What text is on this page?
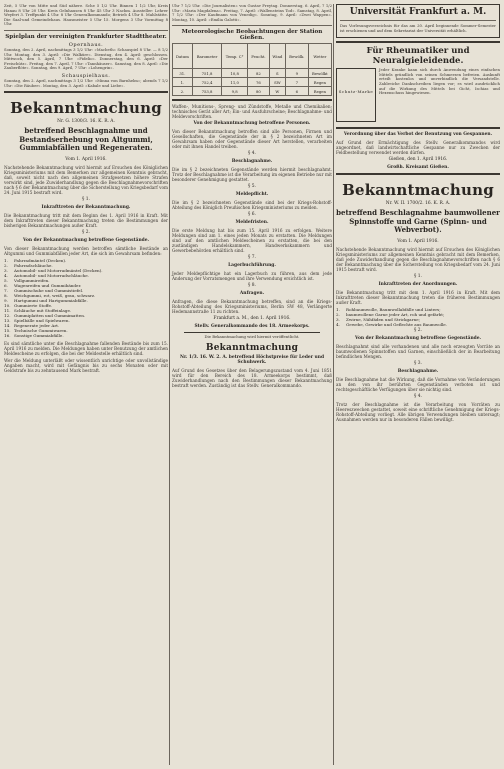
Zeit, 5 Uhr von Mitte und Süd nähere. Sche 5 1/2 Uhr. Binnen 1 1/2 Uhr, Kreis Hanau 8 Uhr 20 Uhr. Kreis Gelnhausen 8 Uhr 45 Uhr 3 Nachm. Aussteller: Lehrer Weyfert 3. Treffpunkt 4 Uhr. 8 Uhr Generalkommando; Betrieb 4 Uhr 8. Mahlstätte. Die Saal-und Gemeindehaus. Hausmeister 5 Uhr 15. Morgens 3 Uhr Vormittag 8 Uhr.

Spielplan der vereinigten Frankfurter Stadttheater.
Opernhaus.

Sonntag, den 2. April, nachmittags 3 1/2 Uhr: »Macbeth« Schauspiel 8 Uhr. — 8 1/2 Uhr. Montag, den 3. April: »Die Walküre«. Dienstag, den 4. April: geschlossen. Mittwoch, den 5. April, 7 Uhr: »Fidelio«. Donnerstag, den 6. April: »Der Freischütz«. Freitag, den 7. April, 7 Uhr: »Tannhäuser«. Samstag, den 8. April: »Die Zauberflöte«. Sonntag, den 9. April, 7 Uhr: »Lohengrin«.

Schauspielhaus.

Sonntag, den 2. April, nachmittags 3 1/2 Uhr: »Minna von Barnhelm«; abends 7 1/2 Uhr: »Die Räuber«. Montag, den 3. April: »Kabale und Liebe«.

Bekanntmachung
Nr. G. 1300/3. 16. K. R. A.
betreffend Beschlagnahme und Bestandserhebung von Altgummi, Gummiabfällen und Regeneraten.
Vom 1. April 1916.

Nachstehende Bekanntmachung wird hiermit auf Ersuchen des Königlichen Kriegsministeriums mit dem Bemerken zur allgemeinen Kenntnis gebracht, daß, soweit nicht nach den allgemeinen Strafgesetzen höhere Strafen verwirkt sind, jede Zuwiderhandlung gegen die Beschlagnahmevorschriften nach § 6 der Bekanntmachung über die Sicherstellung von Kriegsbedarf vom 24. Juni 1915 bestraft wird.

§ 1.
Inkrafttreten der Bekanntmachung.

Die Bekanntmachung tritt mit dem Beginn des 1. April 1916 in Kraft. Mit dem Inkrafttreten dieser Bekanntmachung treten die Bestimmungen der bisherigen Bekanntmachungen außer Kraft.

§ 2.
Von der Bekanntmachung betroffene Gegenstände.

Von dieser Bekanntmachung werden betroffen sämtliche Bestände an Altgummi und Gummiabfällen jeder Art, die sich im Gewahrsam befinden:

1.	Fahrradmäntel (Decken).
2.	Fahrradschläuche.
3.	Automobil- und Motorradmäntel (Decken).
4.	Automobil- und Motorradschläuche.
5.	Vollgummireifen.
6.	Wagenreifen und Gummibänder.
7.	Gummischuhe und Gummistiefel.
8.	Weichgummi, rot, weiß, grau, schwarz.
9.	Hartgummi und Hartgummiabfälle.
10. Gummierte Stoffe.
11. Schläuche mit Stoffeinlage.
12. Gummiplatten und Gummimatten.
13. Spielbälle und Spielwaren.
14. Regenerate jeder Art.
15. Technische Gummiwaren.
16. Sonstige Gummiabfälle.

Es sind sämtliche unter die Beschlagnahme fallenden Bestände bis zum 15. April 1916 zu melden. Die Meldungen haben unter Benutzung der amtlichen Meldescheine zu erfolgen, die bei der Meldestelle erhältlich sind.

Wer die Meldung unterläßt oder wissentlich unrichtige oder unvollständige Angaben macht, wird mit Gefängnis bis zu sechs Monaten oder mit Geldstrafe bis zu zehntausend Mark bestraft.

Uhr 7 1/2 Uhr. »Die Journalisten« von Gustav Freytag. Donnerstag, 6. April, 7 1/2 Uhr: »Maria Magdalena«. Freitag, 7. April: »Wallensteins Tod«. Samstag, 8. April, 7 1/2 Uhr: »Der Kaufmann von Venedig«. Sonntag, 9. April: »Zwei Wappen«. Montag, 10. April: »Emilia Galotti«.

Meteorologische Beobachtungen der Station Gießen.
Datum	Barometer	Temp. C°	Feucht.	Wind	Bewölk.	Wetter
31.	751,8	10,8	82	S	9	Bewölkt
1.	752,4	11,0	76	SW	7	Regen
2.	753,8	9,8	80	W	6	Regen

Waffen-, Munitions-, Spreng- und Zündstoffe, Metalle und Chemikalien; technisches Gerät aller Art; Ein- und Ausfuhrscheine; Beschlagnahme- und Meldevorschriften.

Von der Bekanntmachung betroffene Personen.

Von dieser Bekanntmachung betroffen sind alle Personen, Firmen und Gesellschaften, die Gegenstände der in § 2 bezeichneten Art im Gewahrsam haben oder Gegenstände dieser Art herstellen, verarbeiten oder mit ihnen Handel treiben.

§ 4.
Beschlagnahme.

Die im § 2 bezeichneten Gegenstände werden hiermit beschlagnahmt. Trotz der Beschlagnahme ist die Verarbeitung im eigenen Betriebe nur mit besonderer Genehmigung gestattet.

§ 5.
Meldepflicht.

Die im § 2 bezeichneten Gegenstände sind bei der Kriegs-Rohstoff-Abteilung des Königlich Preußischen Kriegsministeriums zu melden.

§ 6.
Meldefristen.

Die erste Meldung hat bis zum 15. April 1916 zu erfolgen. Weitere Meldungen sind am 1. eines jeden Monats zu erstatten. Die Meldungen sind auf den amtlichen Meldescheinen zu erstatten, die bei den zuständigen Handelskammern, Handwerkskammern und Gewerbebehörden erhältlich sind.

§ 7.
Lagerbuchführung.

Jeder Meldepflichtige hat ein Lagerbuch zu führen, aus dem jede Änderung der Vorratsmengen und ihre Verwendung ersichtlich ist.

§ 8.
Anfragen.

Anfragen, die diese Bekanntmachung betreffen, sind an die Kriegs-Rohstoff-Abteilung des Kriegsministeriums, Berlin SW 48, Verlängerte Hedemannstraße 11 zu richten.

Frankfurt a. M., den 1. April 1916.
Stellv. Generalkommando des 18. Armeekorps.

Die Bekanntmachung wird hiermit veröffentlicht.

Bekanntmachung
Nr. 1/3. 16. W. 2. A. betreffend Höchstpreise für Leder und Schuhwerk.

Auf Grund des Gesetzes über den Belagerungszustand vom 4. Juni 1851 wird für den Bereich des 18. Armeekorps bestimmt, daß Zuwiderhandlungen nach den Bestimmungen dieser Bekanntmachung bestraft werden. Zuständig ist das Stellv. Generalkommando.

Universität Frankfurt a. M.

Das Vorlesungsverzeichnis für das am 20. April beginnende Sommer-Semester ist erschienen und auf dem Sekretariat der Universität erhältlich.

Für Rheumatiker und Neuralgieleidende.
Schutz-Marke

Jeder Kranke kann sich durch Anwendung eines einfachen Mittels gründlich von seinen Schmerzen befreien. Auskunft erteilt kostenlos und unverbindlich die Versandstelle. Zahlreiche Dankschreiben liegen vor; es wird ausdrücklich auf die Wirkung des Mittels bei Gicht, Ischias und Hexenschuss hingewiesen.

Verordnung über das Verbot der Benutzung von Gespannen.

Auf Grund der Ermächtigung des Stellv. Generalkommandos wird angeordnet, daß landwirtschaftliche Gespanne nur zu Zwecken der Feldbestellung verwendet werden dürfen.

Gießen, den 1. April 1916.
Großh. Kreisamt Gießen.
Bekanntmachung
Nr. W. II. 1700/2. 16. K. R. A.
betreffend Beschlagnahme baumwollener Spinnstoffe und Garne (Spinn- und Webverbot).
Vom 1. April 1916.

Nachstehende Bekanntmachung wird hiermit auf Ersuchen des Königlichen Kriegsministeriums zur allgemeinen Kenntnis gebracht mit dem Bemerken, daß jede Zuwiderhandlung gegen die Beschlagnahmevorschriften nach § 6 der Bekanntmachung über die Sicherstellung von Kriegsbedarf vom 24. Juni 1915 bestraft wird.

§ 1.
Inkrafttreten der Anordnungen.

Die Bekanntmachung tritt mit dem 1. April 1916 in Kraft. Mit dem Inkrafttreten dieser Bekanntmachung treten die früheren Bestimmungen außer Kraft.

1.	Rohbaumwolle, Baumwollabfälle und Linters;
2.	baumwollene Garne jeder Art, roh und gefärbt;
3.	Zwirne, Nähfäden und Strickgarne;
4.	Gewebe, Gewirke und Geflechte aus Baumwolle.
§ 2.
Von der Bekanntmachung betroffene Gegenstände.

Beschlagnahmt sind alle vorhandenen und alle noch erzeugten Vorräte an baumwollenen Spinnstoffen und Garnen, einschließlich der in Bearbeitung befindlichen Mengen.

§ 3.
Beschlagnahme.

Die Beschlagnahme hat die Wirkung, daß die Vornahme von Veränderungen an den von ihr berührten Gegenständen verboten ist und rechtsgeschäftliche Verfügungen über sie nichtig sind.

§ 4.

Trotz der Beschlagnahme ist die Verarbeitung von Vorräten zu Heereszwecken gestattet, soweit eine schriftliche Genehmigung der Kriegs-Rohstoff-Abteilung vorliegt. Alle übrigen Verwendungen bleiben untersagt; Ausnahmen werden nur in besonderen Fällen bewilligt.
